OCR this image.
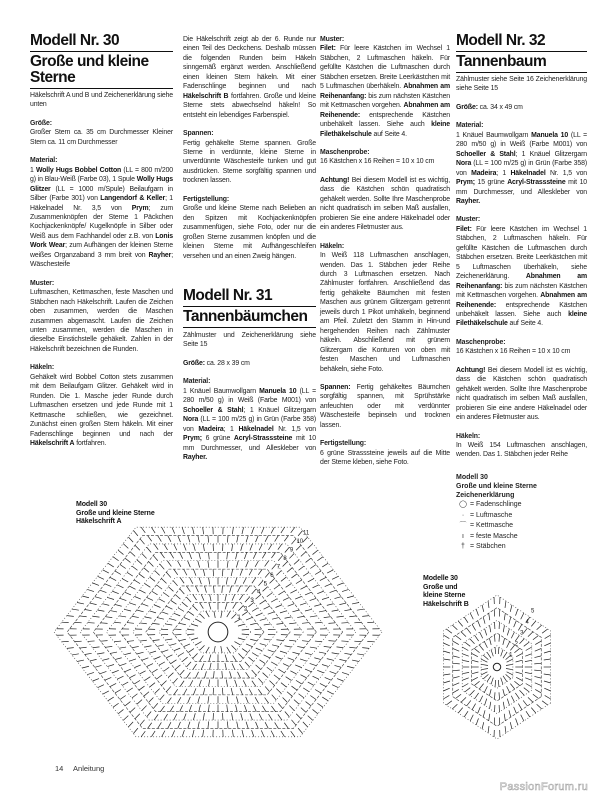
Modell Nr. 30
Große und kleine
Sterne
Häkelschrift A und B und Zeichenerklärung siehe unten
Größe:
Großer Stern ca. 35 cm Durchmesser Kleiner Stern ca. 11 cm Durchmesser
Material:
1 Wolly Hugs Bobbel Cotton (LL = 800 m/200 g) in Blau-Weiß (Farbe 03), 1 Spule Wolly Hugs Glitzer (LL = 1000 m/Spule) Beilaufgarn in Silber (Farbe 301) von Langendorf & Keller; 1 Häkelnadel Nr. 3,5 von Prym; zum Zusammenknöpfen der Sterne 1 Päckchen Kochjackenknöpfe/ Kugelknöpfe in Silber oder Weiß aus dem Fachhandel oder z.B. von Lonis Work Wear; zum Aufhängen der kleinen Sterne weißes Organzaband 3 mm breit von Rayher; Wäschesteife
Muster:
Luftmaschen, Kettmaschen, feste Maschen und Stäbchen nach Häkelschrift. Laufen die Zeichen oben zusammen, werden die Maschen zusammen abgemascht. Laufen die Zeichen unten zusammen, werden die Maschen in dieselbe Einstichstelle gehäkelt. Zahlen in der Häkelschrift bezeichnen die Runden.
Häkeln:
Gehäkelt wird Bobbel Cotton stets zusammen mit dem Beilaufgarn Glitzer. Gehäkelt wird in Runden. Die 1. Masche jeder Runde durch Luftmaschen ersetzen und jede Runde mit 1 Kettmasche schließen, wie gezeichnet. Zunächst einen großen Stern häkeln. Mit einer Fadenschlinge beginnen und nach der Häkelschrift A fortfahren.
Die Häkelschrift zeigt ab der 6. Runde nur einen Teil des Deckchens. Deshalb müssen die folgenden Runden beim Häkeln sinngemäß ergänzt werden. Anschließend einen kleinen Stern häkeln. Mit einer Fadenschlinge beginnen und nach Häkelschrift B fortfahren. Große und kleine Sterne stets abwechselnd häkeln! So entsteht ein lebendiges Farbenspiel.
Spannen:
Fertig gehäkelte Sterne spannen. Große Sterne in verdünnte, kleine Sterne in unverdünnte Wäschesteife tunken und gut ausdrücken. Sterne sorgfältig spannen und trocknen lassen.
Fertigstellung:
Große und kleine Sterne nach Belieben an den Spitzen mit Kochjackenknöpfen zusammenfügen, siehe Foto, oder nur die großen Sterne zusammen knöpfen und die kleinen Sterne mit Aufhängeschleifen versehen und an einen Zweig hängen.
Modell Nr. 31
Tannenbäumchen
Zählmuster und Zeichenerklärung siehe Seite 15
Größe: ca. 28 x 39 cm
Material:
1 Knäuel Baumwollgarn Manuela 10 (LL = 280 m/50 g) in Weiß (Farbe M001) von Schoeller & Stahl; 1 Knäuel Glitzergarn Nora (LL = 100 m/25 g) in Grün (Farbe 358) von Madeira; 1 Häkelnadel Nr. 1,5 von Prym; 6 grüne Acryl-Strasssteine mit 10 mm Durchmesser, und Alleskleber von Rayher.
Muster:
Filet: Für leere Kästchen im Wechsel 1 Stäbchen, 2 Luftmaschen häkeln. Für gefüllte Kästchen die Luftmaschen durch Stäbchen ersetzen. Breite Leerkästchen mit 5 Luftmaschen überhäkeln. Abnahmen am Reihenanfang: bis zum nächsten Kästchen mit Kettmaschen vorgehen. Abnahmen am Reihenende: entsprechende Kästchen unbehäkelt lassen. Siehe auch kleine Filethäkelschule auf Seite 4.
Maschenprobe:
16 Kästchen x 16 Reihen = 10 x 10 cm
Achtung! Bei diesem Modell ist es wichtig, dass die Kästchen schön quadratisch gehäkelt werden. Sollte Ihre Maschenprobe nicht quadratisch im selben Maß ausfallen, probieren Sie eine andere Häkelnadel oder ein anderes Filetmuster aus.
Häkeln:
In Weiß 118 Luftmaschen anschlagen, wenden. Das 1. Stäbchen jeder Reihe durch 3 Luftmaschen ersetzen. Nach Zählmuster fortfahren. Anschließend das fertig gehäkelte Bäumchen mit festen Maschen aus grünem Glitzergarn getrennt jeweils durch 1 Pikot umhäkeln, beginnend am Pfeil. Zuletzt den Stamm in Hin-und hergehenden Reihen nach Zählmuster häkeln. Abschließend mit grünem Glitzergarn die Konturen von oben mit festen Maschen und Luftmaschen behäkeln, siehe Foto.
Spannen: Fertig gehäkeltes Bäumchen sorgfältig spannen, mit Sprühstärke anfeuchten oder mit verdünnter Wäschesteife bepinseln und trocknen lassen.
Fertigstellung:
6 grüne Strasssteine jeweils auf die Mitte der Sterne kleben, siehe Foto.
Modell Nr. 32
Tannenbaum
Zählmuster siehe Seite 16 Zeichenerklärung siehe Seite 15
Größe: ca. 34 x 49 cm
Material:
1 Knäuel Baumwollgarn Manuela 10 (LL = 280 m/50 g) in Weiß (Farbe M001) von Schoeller & Stahl; 1 Knäuel Glitzergarn Nora (LL = 100 m/25 g) in Grün (Farbe 358) von Madeira; 1 Häkelnadel Nr. 1,5 von Prym; 15 grüne Acryl-Strasssteine mit 10 mm Durchmesser, und Alleskleber von Rayher.
Muster:
Filet: Für leere Kästchen im Wechsel 1 Stäbchen, 2 Luftmaschen häkeln. Für gefüllte Kästchen die Luftmaschen durch Stäbchen ersetzen. Breite Leerkästchen mit 5 Luftmaschen überhäkeln, siehe Zeichenerklärung. Abnahmen am Reihenanfang: bis zum nächsten Kästchen mit Kettmaschen vorgehen. Abnahmen am Reihenende: entsprechende Kästchen unbehäkelt lassen. Siehe auch kleine Filethäkelschule auf Seite 4.
Maschenprobe:
16 Kästchen x 16 Reihen = 10 x 10 cm
Achtung! Bei diesem Modell ist es wichtig, dass die Kästchen schön quadratisch gehäkelt werden. Sollte Ihre Maschenprobe nicht quadratisch im selben Maß ausfallen, probieren Sie eine andere Häkelnadel oder ein anderes Filetmuster aus.
Häkeln:
In Weiß 154 Luftmaschen anschlagen, wenden. Das 1. Stäbchen jeder Reihe
1
2
3
4
5
6
7
8
9
10
11
1
2
3
4
5
Modell 30
Große und kleine Sterne
Häkelschrift A
Modelle 30
Große und
kleine Sterne
Häkelschrift B
Modell 30
Große und kleine Sterne
Zeichenerklärung
◯ = Fadenschlinge
· = Luftmasche
⌒ = Kettmasche
ı = feste Masche
† = Stäbchen
14 Anleitung
PassionForum.ru
